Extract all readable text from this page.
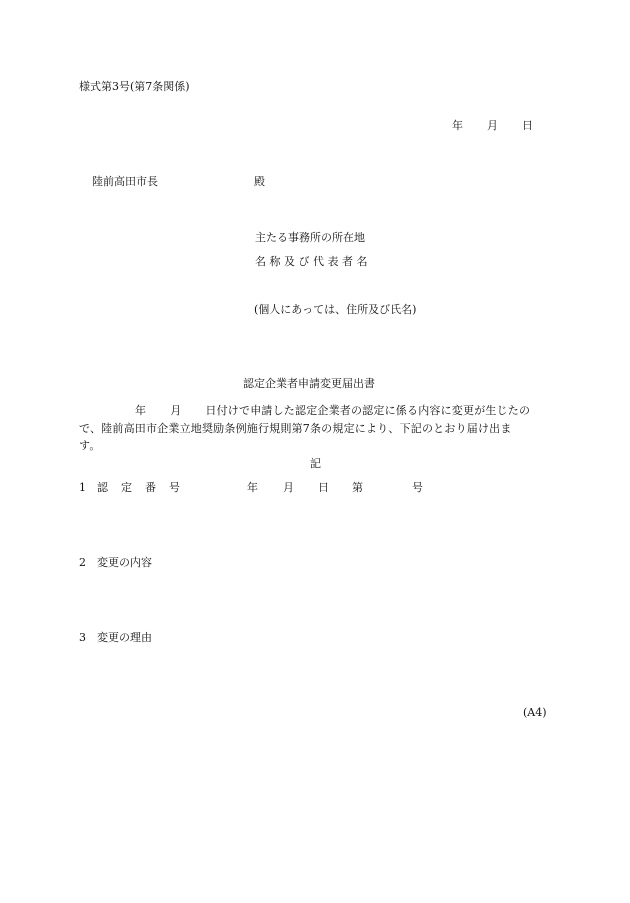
様式第3号(第7条関係)
年 月 日
陸前高田市長	殿
主たる事務所の所在地
名 称 及 び 代 表 者 名
(個人にあっては、住所及び氏名)
認定企業者申請変更届出書
年 月 日付けで申請した認定企業者の認定に係る内容に変更が生じたの
で、陸前高田市企業立地奨励条例施行規則第7条の規定により、下記のとおり届け出ま
す。
記
1 認 定 番 号	年 月 日 第	号
2 変更の内容
3 変更の理由
(A4)
